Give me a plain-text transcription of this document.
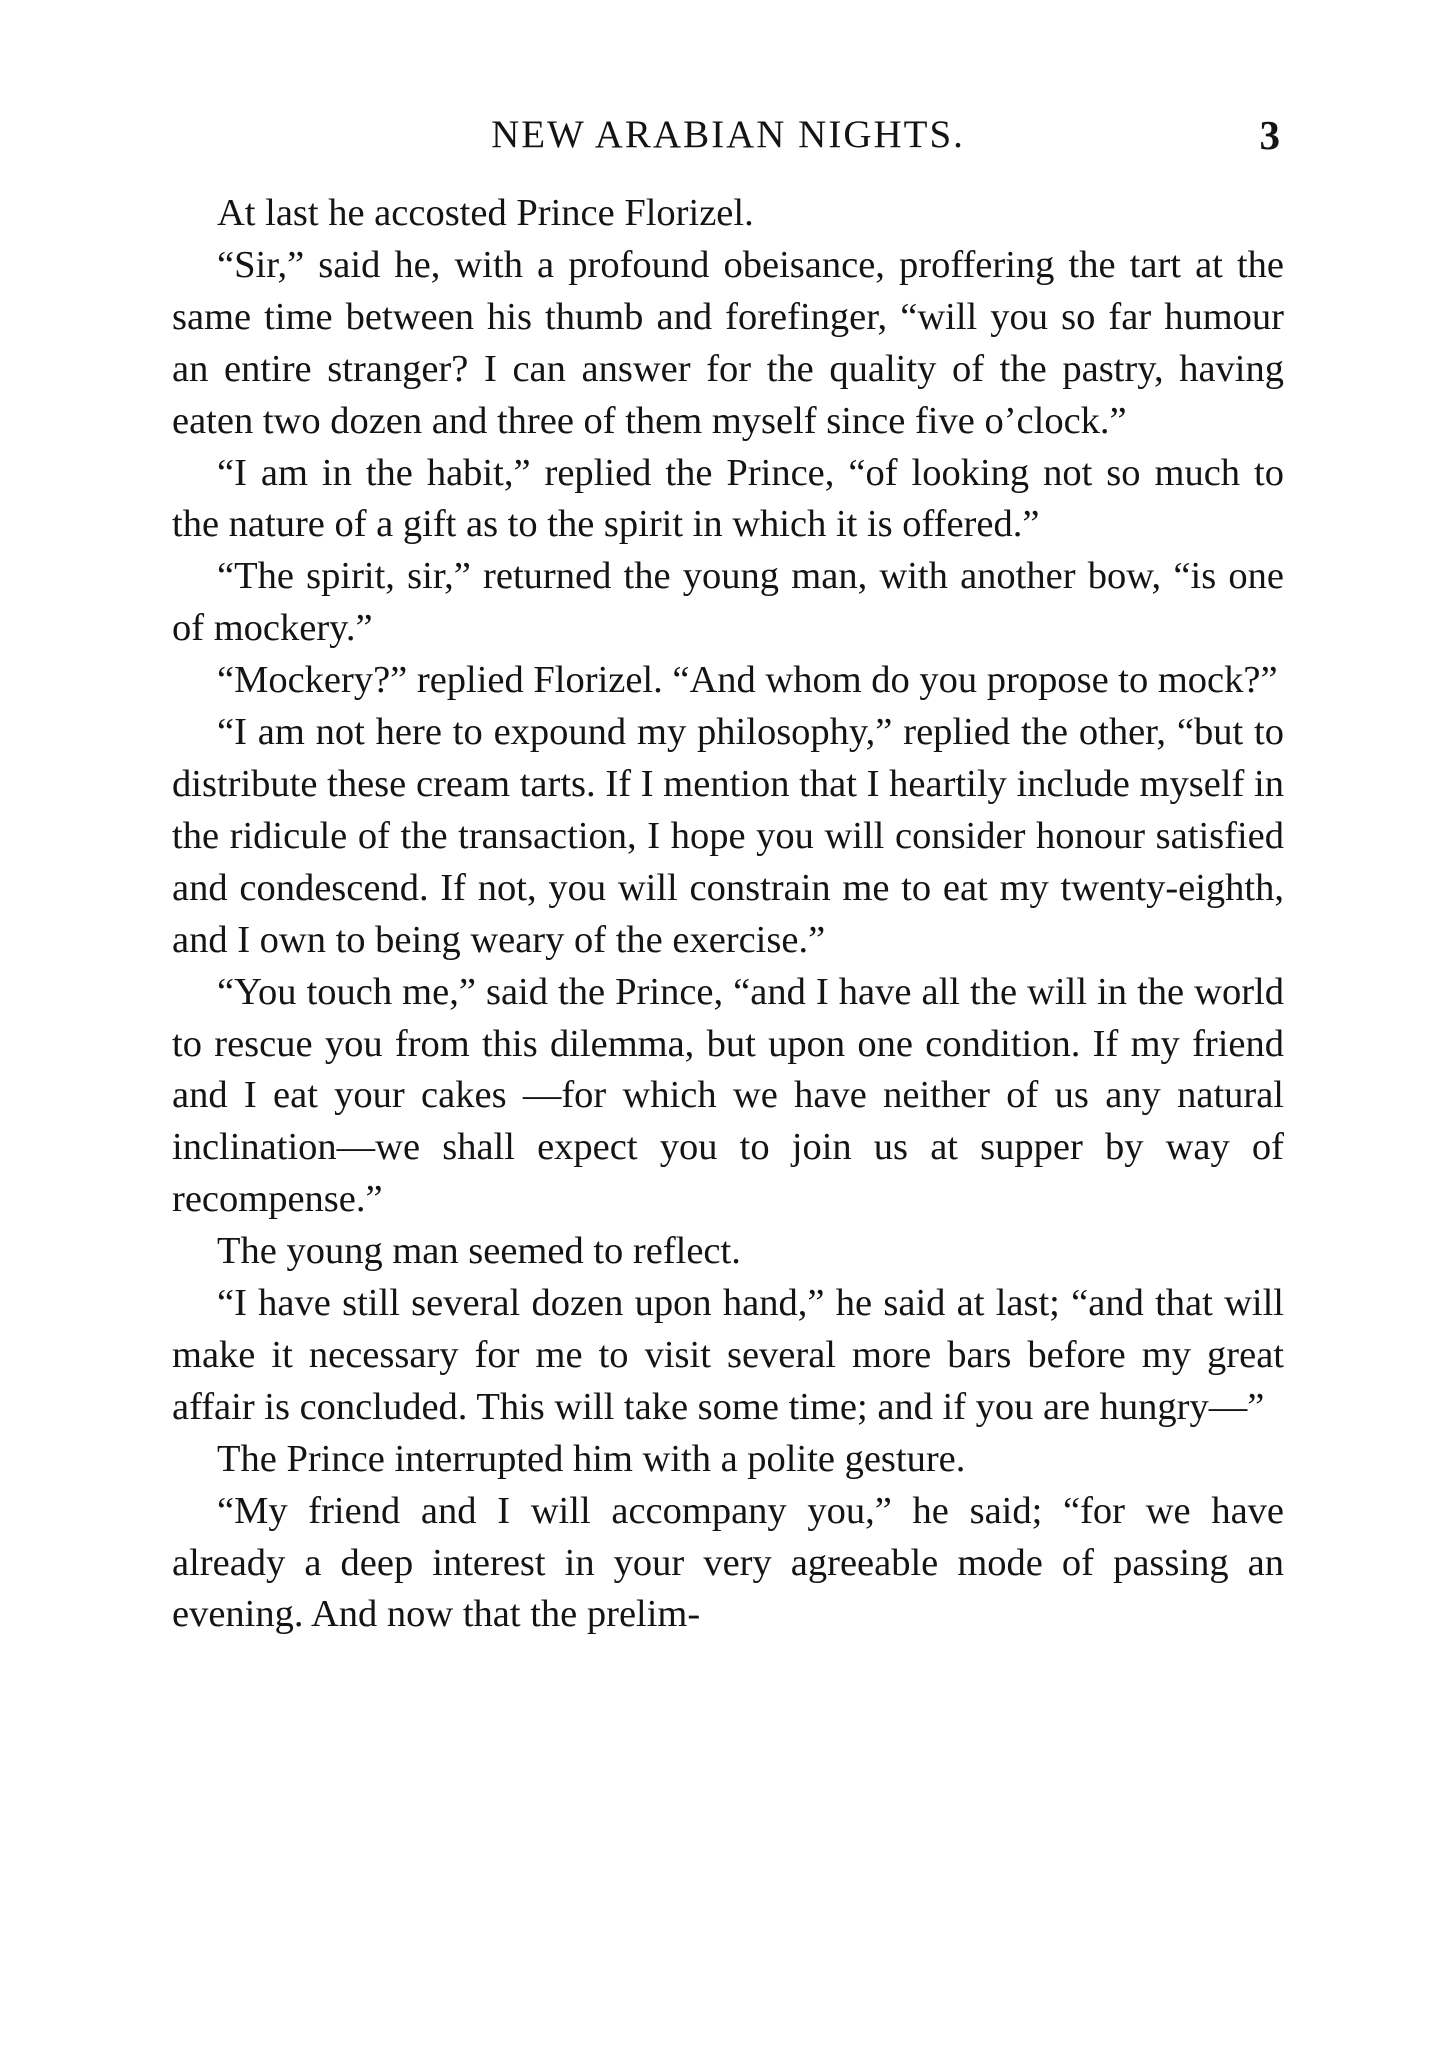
NEW ARABIAN NIGHTS.	3

At last he accosted Prince Florizel.

“Sir,” said he, with a profound obeisance, proffering the tart at the same time between his thumb and forefinger, “will you so far humour an entire stranger? I can answer for the quality of the pastry, having eaten two dozen and three of them myself since five o’clock.”

“I am in the habit,” replied the Prince, “of looking not so much to the nature of a gift as to the spirit in which it is offered.”

“The spirit, sir,” returned the young man, with another bow, “is one of mockery.”

“Mockery?” replied Florizel. “And whom do you propose to mock?”

“I am not here to expound my philosophy,” replied the other, “but to distribute these cream tarts. If I mention that I heartily include myself in the ridicule of the transaction, I hope you will consider honour satisfied and condescend. If not, you will constrain me to eat my twenty-eighth, and I own to being weary of the exercise.”

“You touch me,” said the Prince, “and I have all the will in the world to rescue you from this dilemma, but upon one condition. If my friend and I eat your cakes —for which we have neither of us any natural inclination—we shall expect you to join us at supper by way of recompense.”

The young man seemed to reflect.

“I have still several dozen upon hand,” he said at last; “and that will make it necessary for me to visit several more bars before my great affair is concluded. This will take some time; and if you are hungry—”

The Prince interrupted him with a polite gesture.

“My friend and I will accompany you,” he said; “for we have already a deep interest in your very agreeable mode of passing an evening. And now that the prelim-
